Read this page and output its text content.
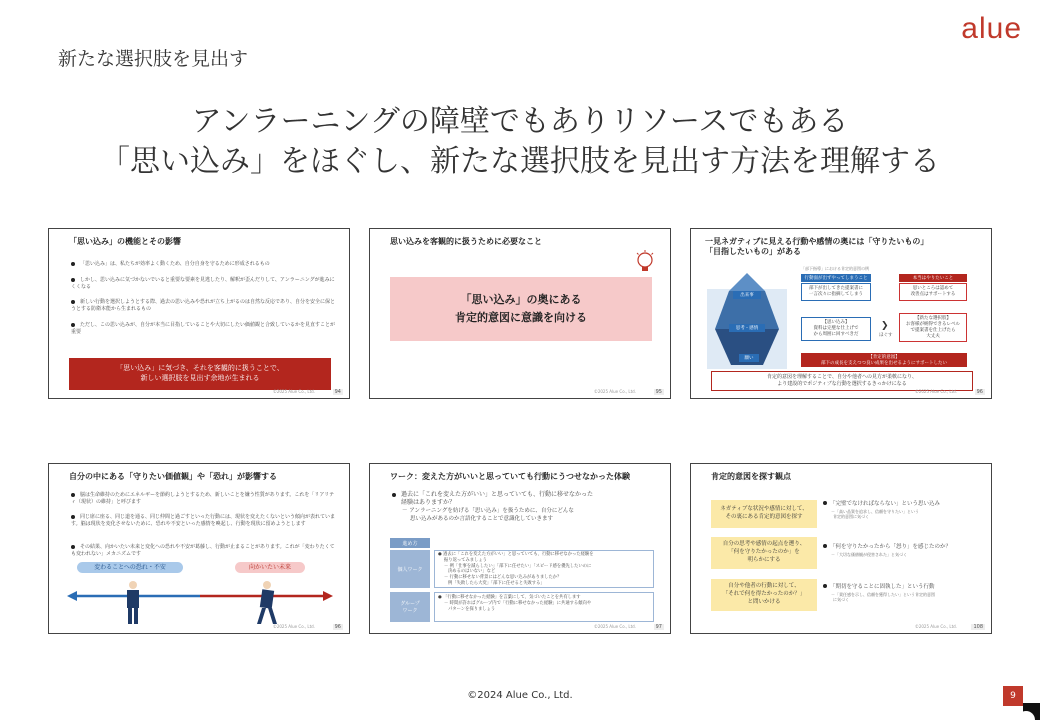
alue
新たな選択肢を見出す
アンラーニングの障壁でもありリソースでもある
「思い込み」をほぐし、新たな選択肢を見出す方法を理解する
「思い込み」の機能とその影響
「思い込み」は、私たちが効率よく動くため、自分自身を守るために形成されるもの
しかし、思い込みに気づかないでいると重要な要素を見逃したり、解釈が歪んだりして、アンラーニングが進みにくくなる
新しい行動を選択しようとする際、過去の思い込みや恐れが立ち上がるのは自然な反応であり、自分を安全に保とうとする防衛本能から生まれるもの
ただし、この思い込みが、自分が本当に目指していることや大切にしたい価値観と合致しているかを見直すことが重要
「思い込み」に気づき、それを客観的に扱うことで、
新しい選択肢を見出す余地が生まれる
©2025 Alue Co., Ltd.	94
思い込みを客観的に扱うために必要なこと
「思い込み」の奥にある
肯定的意図に意識を向ける
©2025 Alue Co., Ltd.	95
一見ネガティブに見える行動や感情の奥には「守りたいもの」
「目指したいもの」がある
出来事
思考・感情
願い
「部下指導」における肯定的意図の例
行動面が出ずやってしまうこと
部下が出してきた提案書に
一言次々に指摘してしまう
【思い込み】
資料は完璧な仕上げで
から周囲に回すべきだ	ほぐす
❯
本当はやりたいこと
思いところは認めて
改善点はサポートする
【新たな選択肢】
お客様が納得できるレベル
で提案書を仕上げたら
大丈夫
【肯定的意図】
部下の成長を支えつつ良い成果を出せるようにサポートしたい
肯定的意図を理解することで、自分や他者への見方が柔軟になり、
より建設的でポジティブな行動を選択するきっかけになる
©2025 Alue Co., Ltd.	96
自分の中にある「守りたい価値観」や「恐れ」が影響する
脳は生命維持のためにエネルギーを節約しようとするため、新しいことを嫌う性質があります。これを「リアリティ（現状）の維持」と呼びます
同じ席に座る、同じ道を通る、同じ仲間と過ごすといった行動には、現状を変えたくないという傾向が表れています。脳は現状を変化させないために、恐れや不安といった感情を喚起し、行動を現状に留めようとします
その結果、向かいたい未来と変化への恐れや不安が葛藤し、行動が止まることがあります。これが「変わりたくても変われない」メカニズムです
変わることへの恐れ・不安	向かいたい未来
©2025 Alue Co., Ltd.	96
ワーク：変えた方がいいと思っていても行動にうつせなかった体験
過去に「これを変えた方がいい」と思っていても、行動に移せなかった
経験はありますか？
－ アンラーニングを妨げる「思い込み」を扱うために、自分にどんな
思い込みがあるのか言語化することで意識化していきます
進め方
個人ワーク
● 過去に「これを変えた方がいい」と思っていても、行動に移せなかった経験を
振り返ってみましょう
－ 例「仕事を減らしたい」「部下に任せたい」「スピード感を優先したいのに
決めるのはいない」など
－ 行動に移せない背景にはどんな思い込みがありましたか？
例「失敗したら大変」「部下に任せると失敗する」
グループ
ワーク
● 「行動に移せなかった経験」を言葉にして、気づいたことを共有します
－ 時間が許ればグループ内で「行動に移せなかった経験」に共通する傾向や
パターンを探りましょう
©2025 Alue Co., Ltd.	97
肯定的意図を探す観点
ネガティブな状況や感情に対して、
その裏にある肯定的意図を探す
「完璧でなければならない」という思い込み
－「高い品質を追求し、信頼を守りたい」という
肯定的意図に気づく
自分の思考や感情の起点を遡り、
「何を守りたかったのか」を
明らかにする
「何を守りたかったから「怒り」を感じたのか？
－「大切な価値観が侵害された」と気づく
自分や他者の行動に対して、
「それで何を得たかったのか？」
と問いかける
「期切を守ることに固執した」という行動
－「責任感を示し、信頼を獲得したい」という肯定的意図
に気づく
©2025 Alue Co., Ltd.	108
©2024 Alue Co., Ltd.	9
